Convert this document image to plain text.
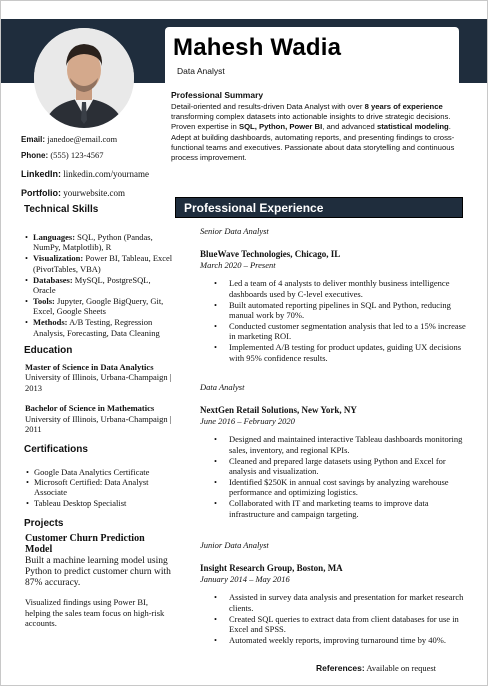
Mahesh Wadia
Data Analyst
Email: janedoe@email.com
Phone: (555) 123-4567
LinkedIn: linkedin.com/yourname
Portfolio: yourwebsite.com
Technical Skills
• Languages: SQL, Python (Pandas, NumPy, Matplotlib), R
• Visualization: Power BI, Tableau, Excel (PivotTables, VBA)
• Databases: MySQL, PostgreSQL, Oracle
• Tools: Jupyter, Google BigQuery, Git, Excel, Google Sheets
• Methods: A/B Testing, Regression Analysis, Forecasting, Data Cleaning
Education
Master of Science in Data Analytics
University of Illinois, Urbana-Champaign | 2013
Bachelor of Science in Mathematics
University of Illinois, Urbana-Champaign | 2011
Certifications
• Google Data Analytics Certificate
• Microsoft Certified: Data Analyst Associate
• Tableau Desktop Specialist
Projects
Customer Churn Prediction Model
Built a machine learning model using Python to predict customer churn with 87% accuracy.
Visualized findings using Power BI, helping the sales team focus on high-risk accounts.
Professional Summary
Detail-oriented and results-driven Data Analyst with over 8 years of experience transforming complex datasets into actionable insights to drive strategic decisions. Proven expertise in SQL, Python, Power BI, and advanced statistical modeling. Adept at building dashboards, automating reports, and presenting findings to cross-functional teams and executives. Passionate about data storytelling and continuous process improvement.
Professional Experience
Senior Data Analyst
BlueWave Technologies, Chicago, IL
March 2020 – Present
• Led a team of 4 analysts to deliver monthly business intelligence dashboards used by C-level executives.
• Built automated reporting pipelines in SQL and Python, reducing manual work by 70%.
• Conducted customer segmentation analysis that led to a 15% increase in marketing ROI.
• Implemented A/B testing for product updates, guiding UX decisions with 95% confidence results.
Data Analyst
NextGen Retail Solutions, New York, NY
June 2016 – February 2020
• Designed and maintained interactive Tableau dashboards monitoring sales, inventory, and regional KPIs.
• Cleaned and prepared large datasets using Python and Excel for analysis and visualization.
• Identified $250K in annual cost savings by analyzing warehouse performance and optimizing logistics.
• Collaborated with IT and marketing teams to improve data infrastructure and campaign targeting.
Junior Data Analyst
Insight Research Group, Boston, MA
January 2014 – May 2016
• Assisted in survey data analysis and presentation for market research clients.
• Created SQL queries to extract data from client databases for use in Excel and SPSS.
• Automated weekly reports, improving turnaround time by 40%.
References: Available on request
